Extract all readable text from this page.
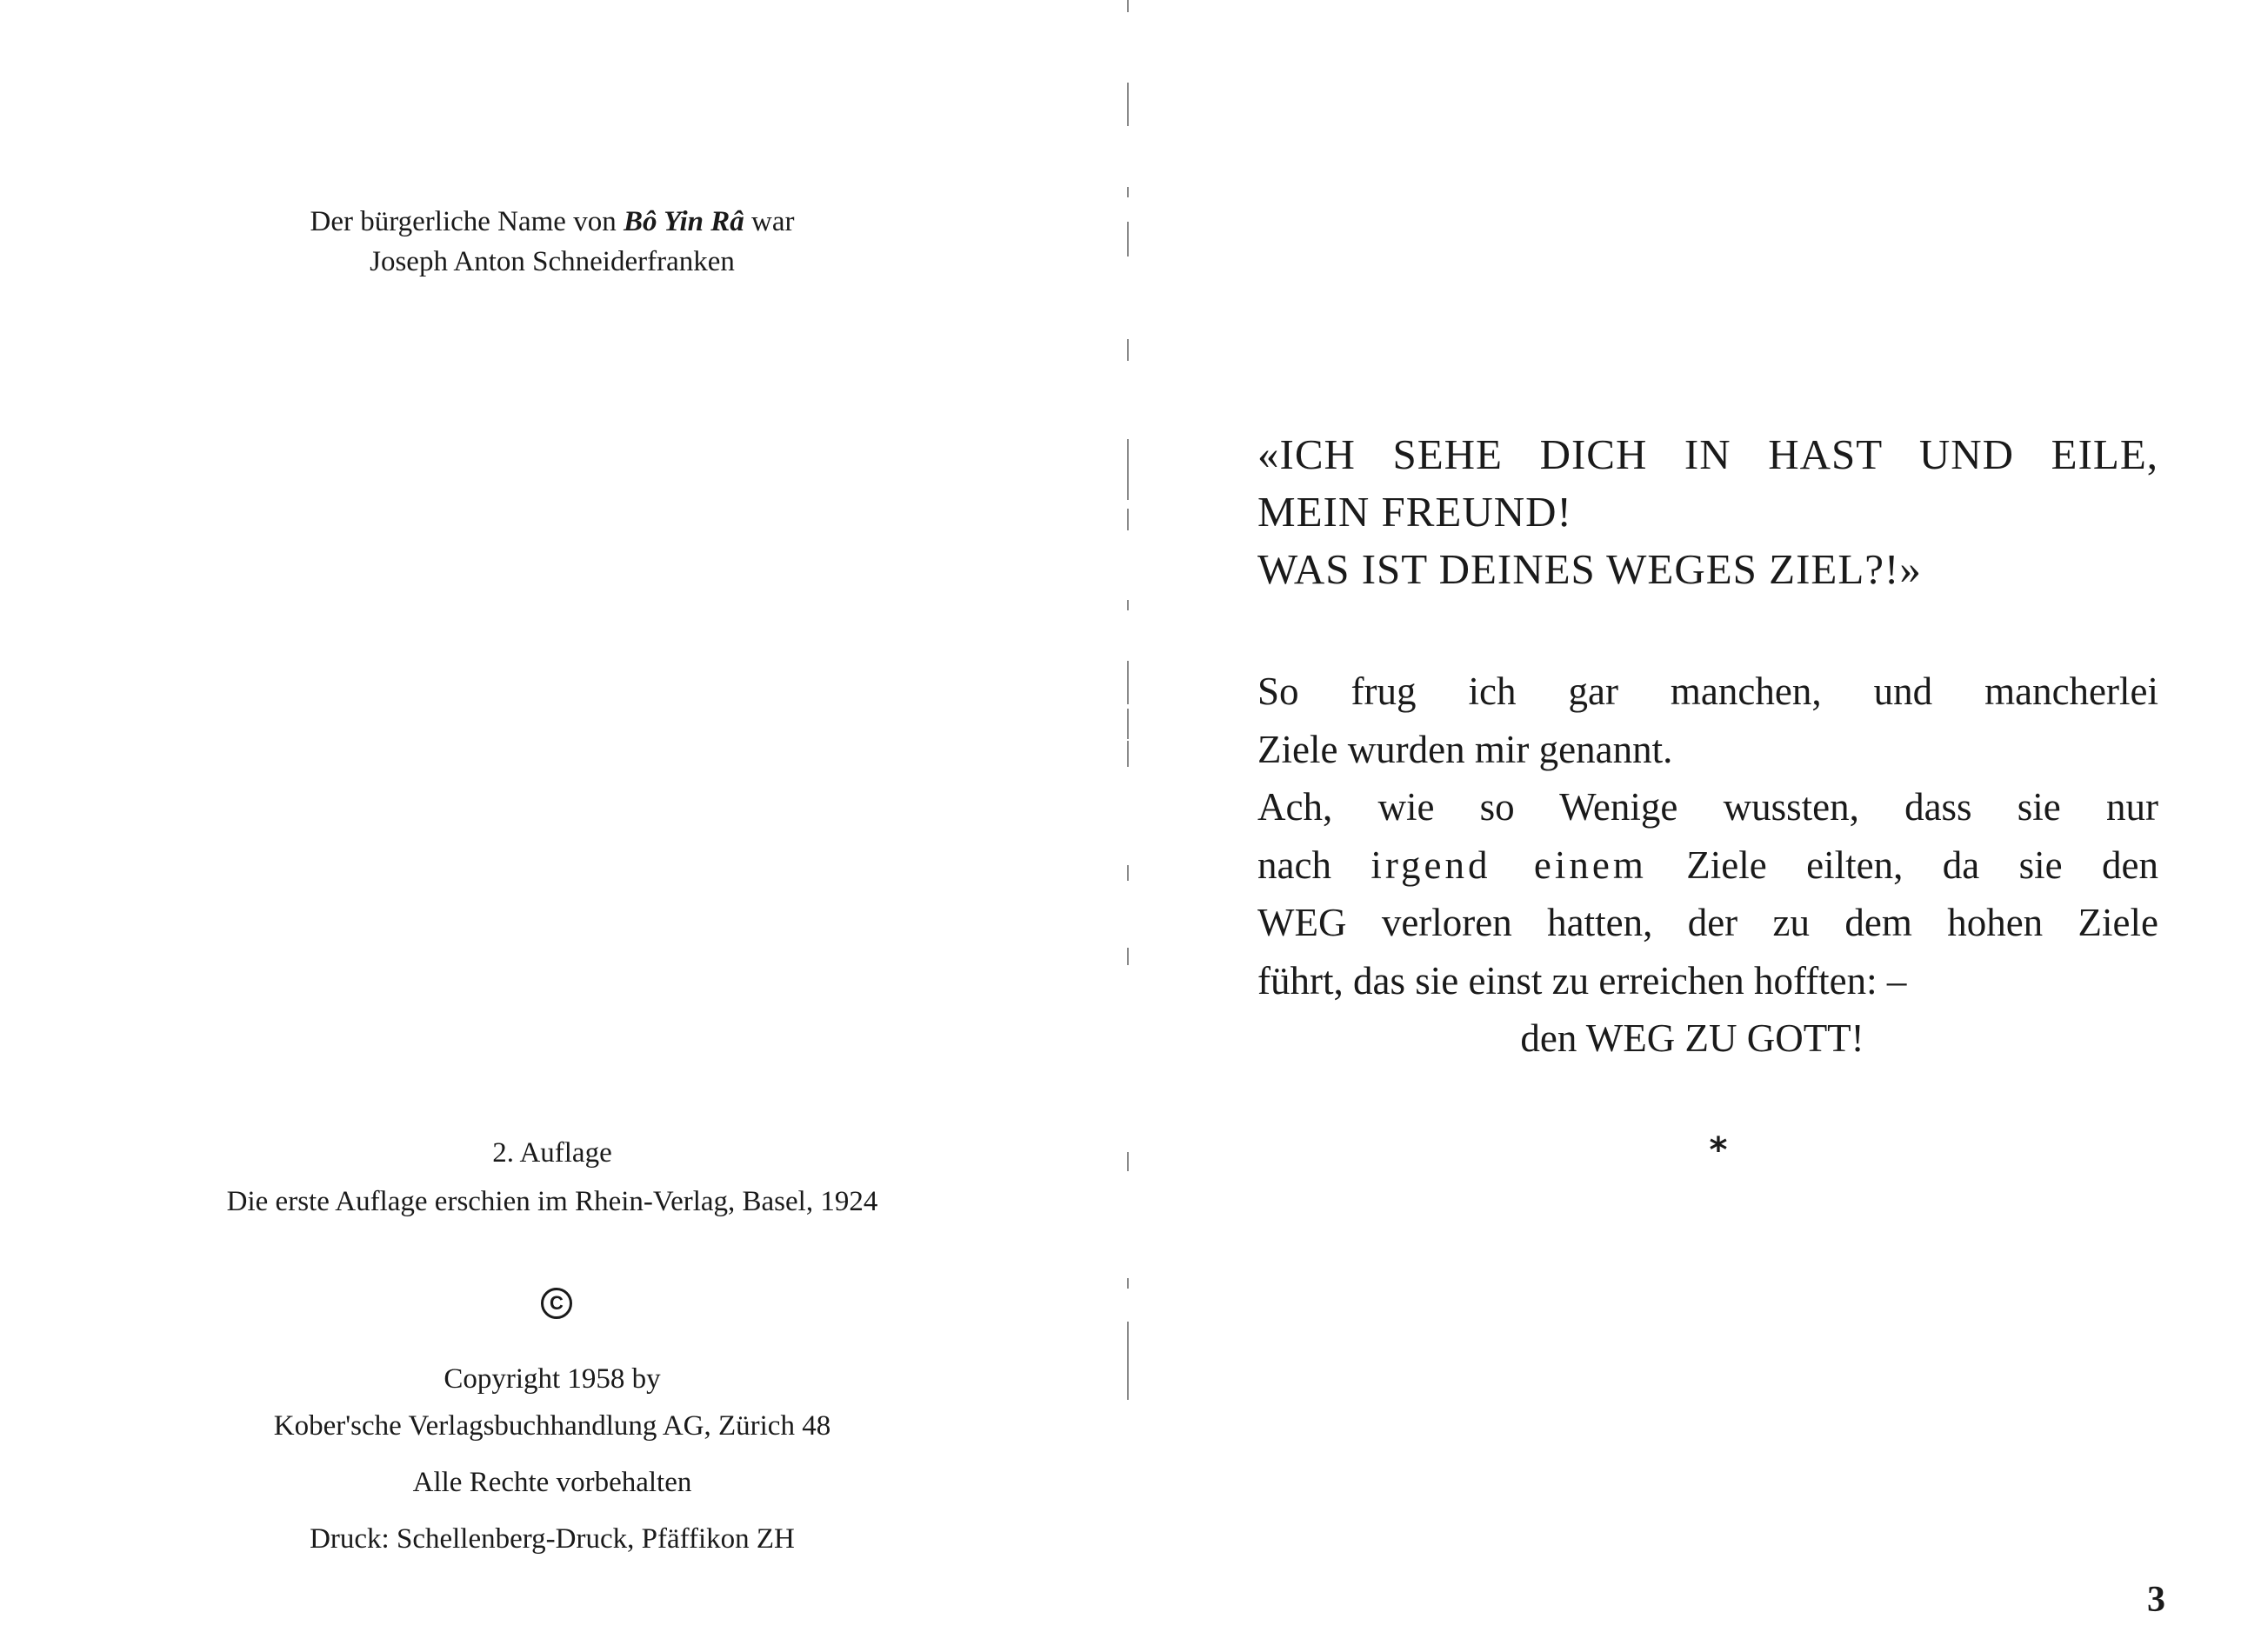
Der bürgerliche Name von Bô Yin Râ war
Joseph Anton Schneiderfranken
2. Auflage
Die erste Auflage erschien im Rhein-Verlag, Basel, 1924
C
Copyright 1958 by
Kober'sche Verlagsbuchhandlung AG, Zürich 48
Alle Rechte vorbehalten
Druck: Schellenberg-Druck, Pfäffikon ZH
«ICH SEHE DICH IN HAST UND EILE,
MEIN FREUND!
WAS IST DEINES WEGES ZIEL?!»
So frug ich gar manchen, und mancherlei
Ziele wurden mir genannt.
Ach, wie so Wenige wussten, dass sie nur
nach irgend einem Ziele eilten, da sie den
WEG verloren hatten, der zu dem hohen Ziele
führt, das sie einst zu erreichen hofften: –
den WEG ZU GOTT!
*
3
